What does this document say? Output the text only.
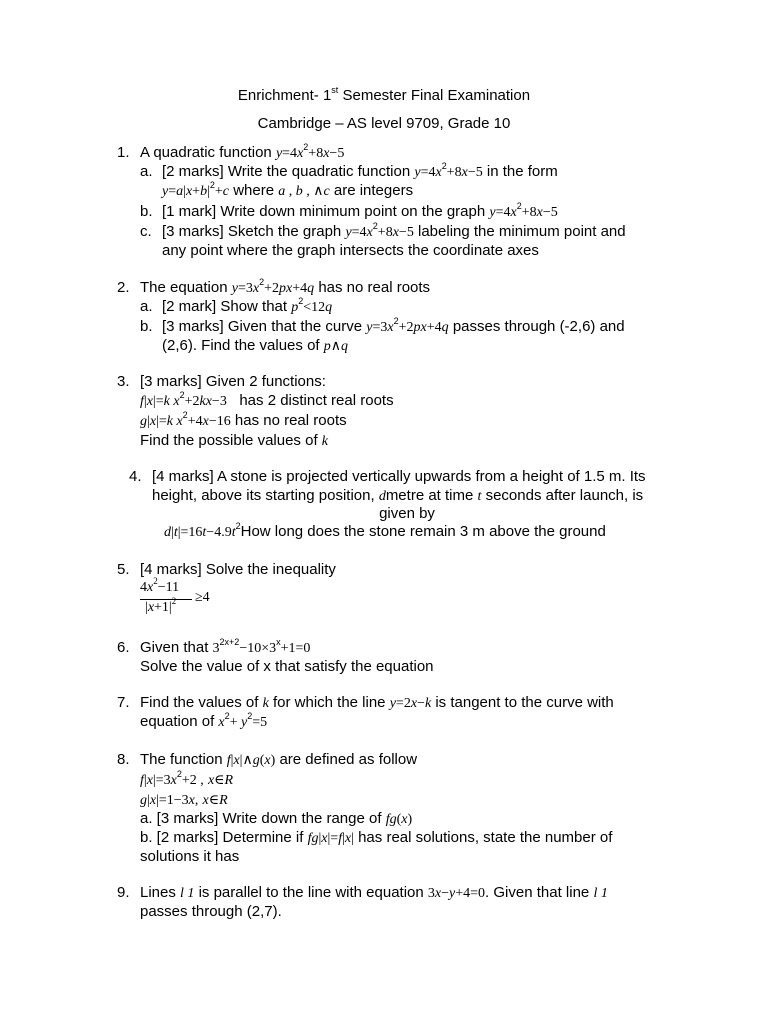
Enrichment- 1st Semester Final Examination
Cambridge – AS level 9709, Grade 10
1. A quadratic function $y=4x^2+8x-5$
a. [2 marks] Write the quadratic function $y=4x^2+8x-5$ in the form
$y=a|x+b|^2+c$ where a , b , ∧c are integers
b. [1 mark] Write down minimum point on the graph $y=4x^2+8x-5$
c. [3 marks] Sketch the graph $y=4x^2+8x-5$ labeling the minimum point and
any point where the graph intersects the coordinate axes
2. The equation $y=3x^2+2px+4q$ has no real roots
a. [2 mark] Show that $p^2<12q$
b. [3 marks] Given that the curve $y=3x^2+2px+4q$ passes through (-2,6) and
(2,6). Find the values of p∧q
3. [3 marks] Given 2 functions:
f|x|=k $x^2+2kx-3$ has 2 distinct real roots
g|x|=k $x^2+4x-16$ has no real roots
Find the possible values of k
4. [4 marks] A stone is projected vertically upwards from a height of 1.5 m. Its
height, above its starting position, dmetre at time t seconds after launch, is
given by
$d|t|=16t-4.9t^2How$ long does the stone remain 3 m above the ground
5. [4 marks] Solve the inequality
$4x^2-11$
$|x+1|^2 \ge 4$
6. Given that $3^{2x+2}-10\times 3^x+1=0$
Solve the value of x that satisfy the equation
7. Find the values of k for which the line y=2x−k is tangent to the curve with
equation of $x^2+ y^2=5$
8. The function f|x|∧g(x) are defined as follow
$f|x|=3x^2+2$ , x∈R
g|x|=1−3x, x∈R
a. [3 marks] Write down the range of fg(x)
b. [2 marks] Determine if fg|x|=f|x| has real solutions, state the number of
solutions it has
9. Lines l 1 is parallel to the line with equation 3x−y+4=0. Given that line l 1
passes through (2,7).
